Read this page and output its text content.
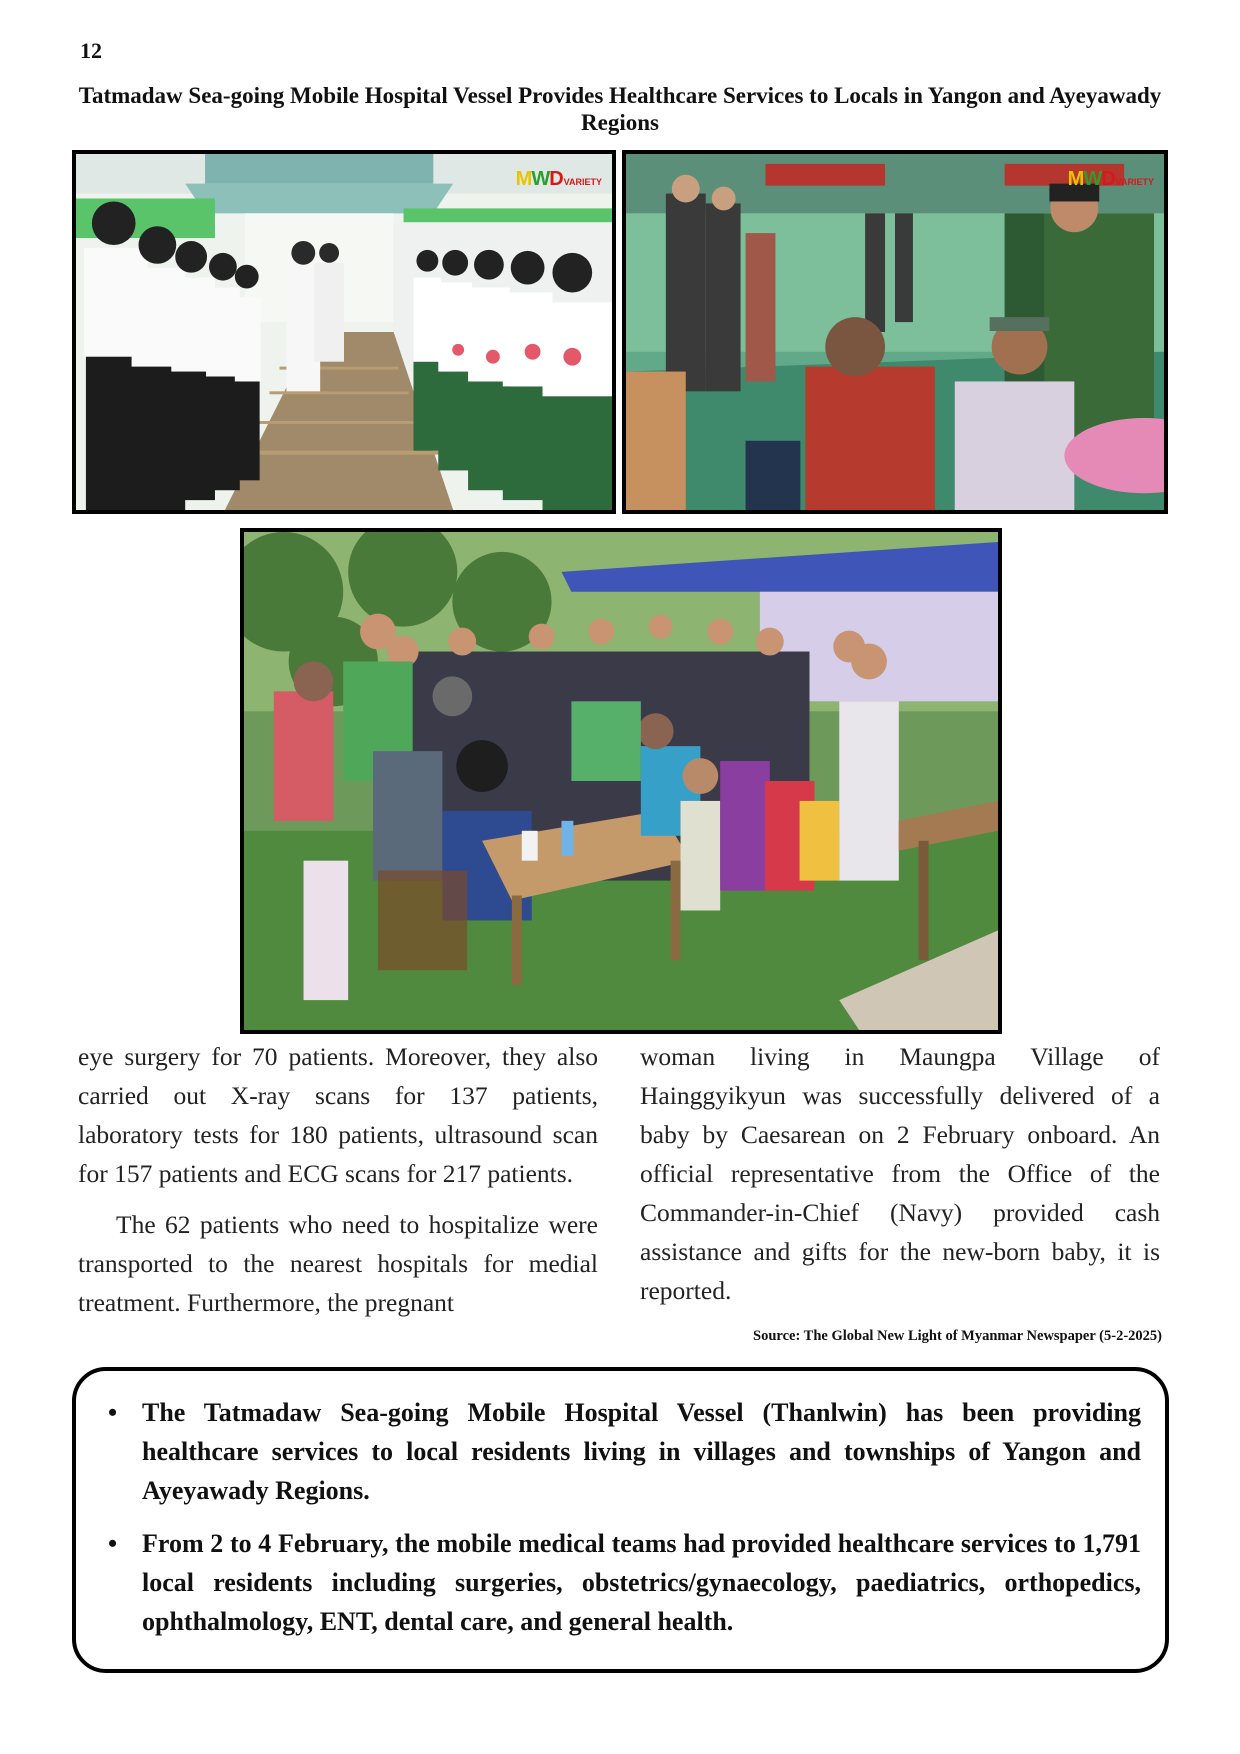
12
Tatmadaw Sea-going Mobile Hospital Vessel Provides Healthcare Services to Locals in Yangon and Ayeyawady Regions
MWDVARIETY	MWDVARIETY

eye surgery for 70 patients. Moreover, they also carried out X-ray scans for 137 patients, laboratory tests for 180 patients, ultrasound scan for 157 patients and ECG scans for 217 patients.

The 62 patients who need to hospitalize were transported to the nearest hospitals for medial treatment. Furthermore, the pregnant

woman living in Maungpa Village of Hainggyikyun was successfully delivered of a baby by Caesarean on 2 February onboard. An official representative from the Office of the Commander-in-Chief (Navy) provided cash assistance and gifts for the new-born baby, it is reported.

Source: The Global New Light of Myanmar Newspaper (5-2-2025)
• The Tatmadaw Sea-going Mobile Hospital Vessel (Thanlwin) has been providing healthcare services to local residents living in villages and townships of Yangon and Ayeyawady Regions.
• From 2 to 4 February, the mobile medical teams had provided healthcare services to 1,791 local residents including surgeries, obstetrics/gynaecology, paediatrics, orthopedics, ophthalmology, ENT, dental care, and general health.
